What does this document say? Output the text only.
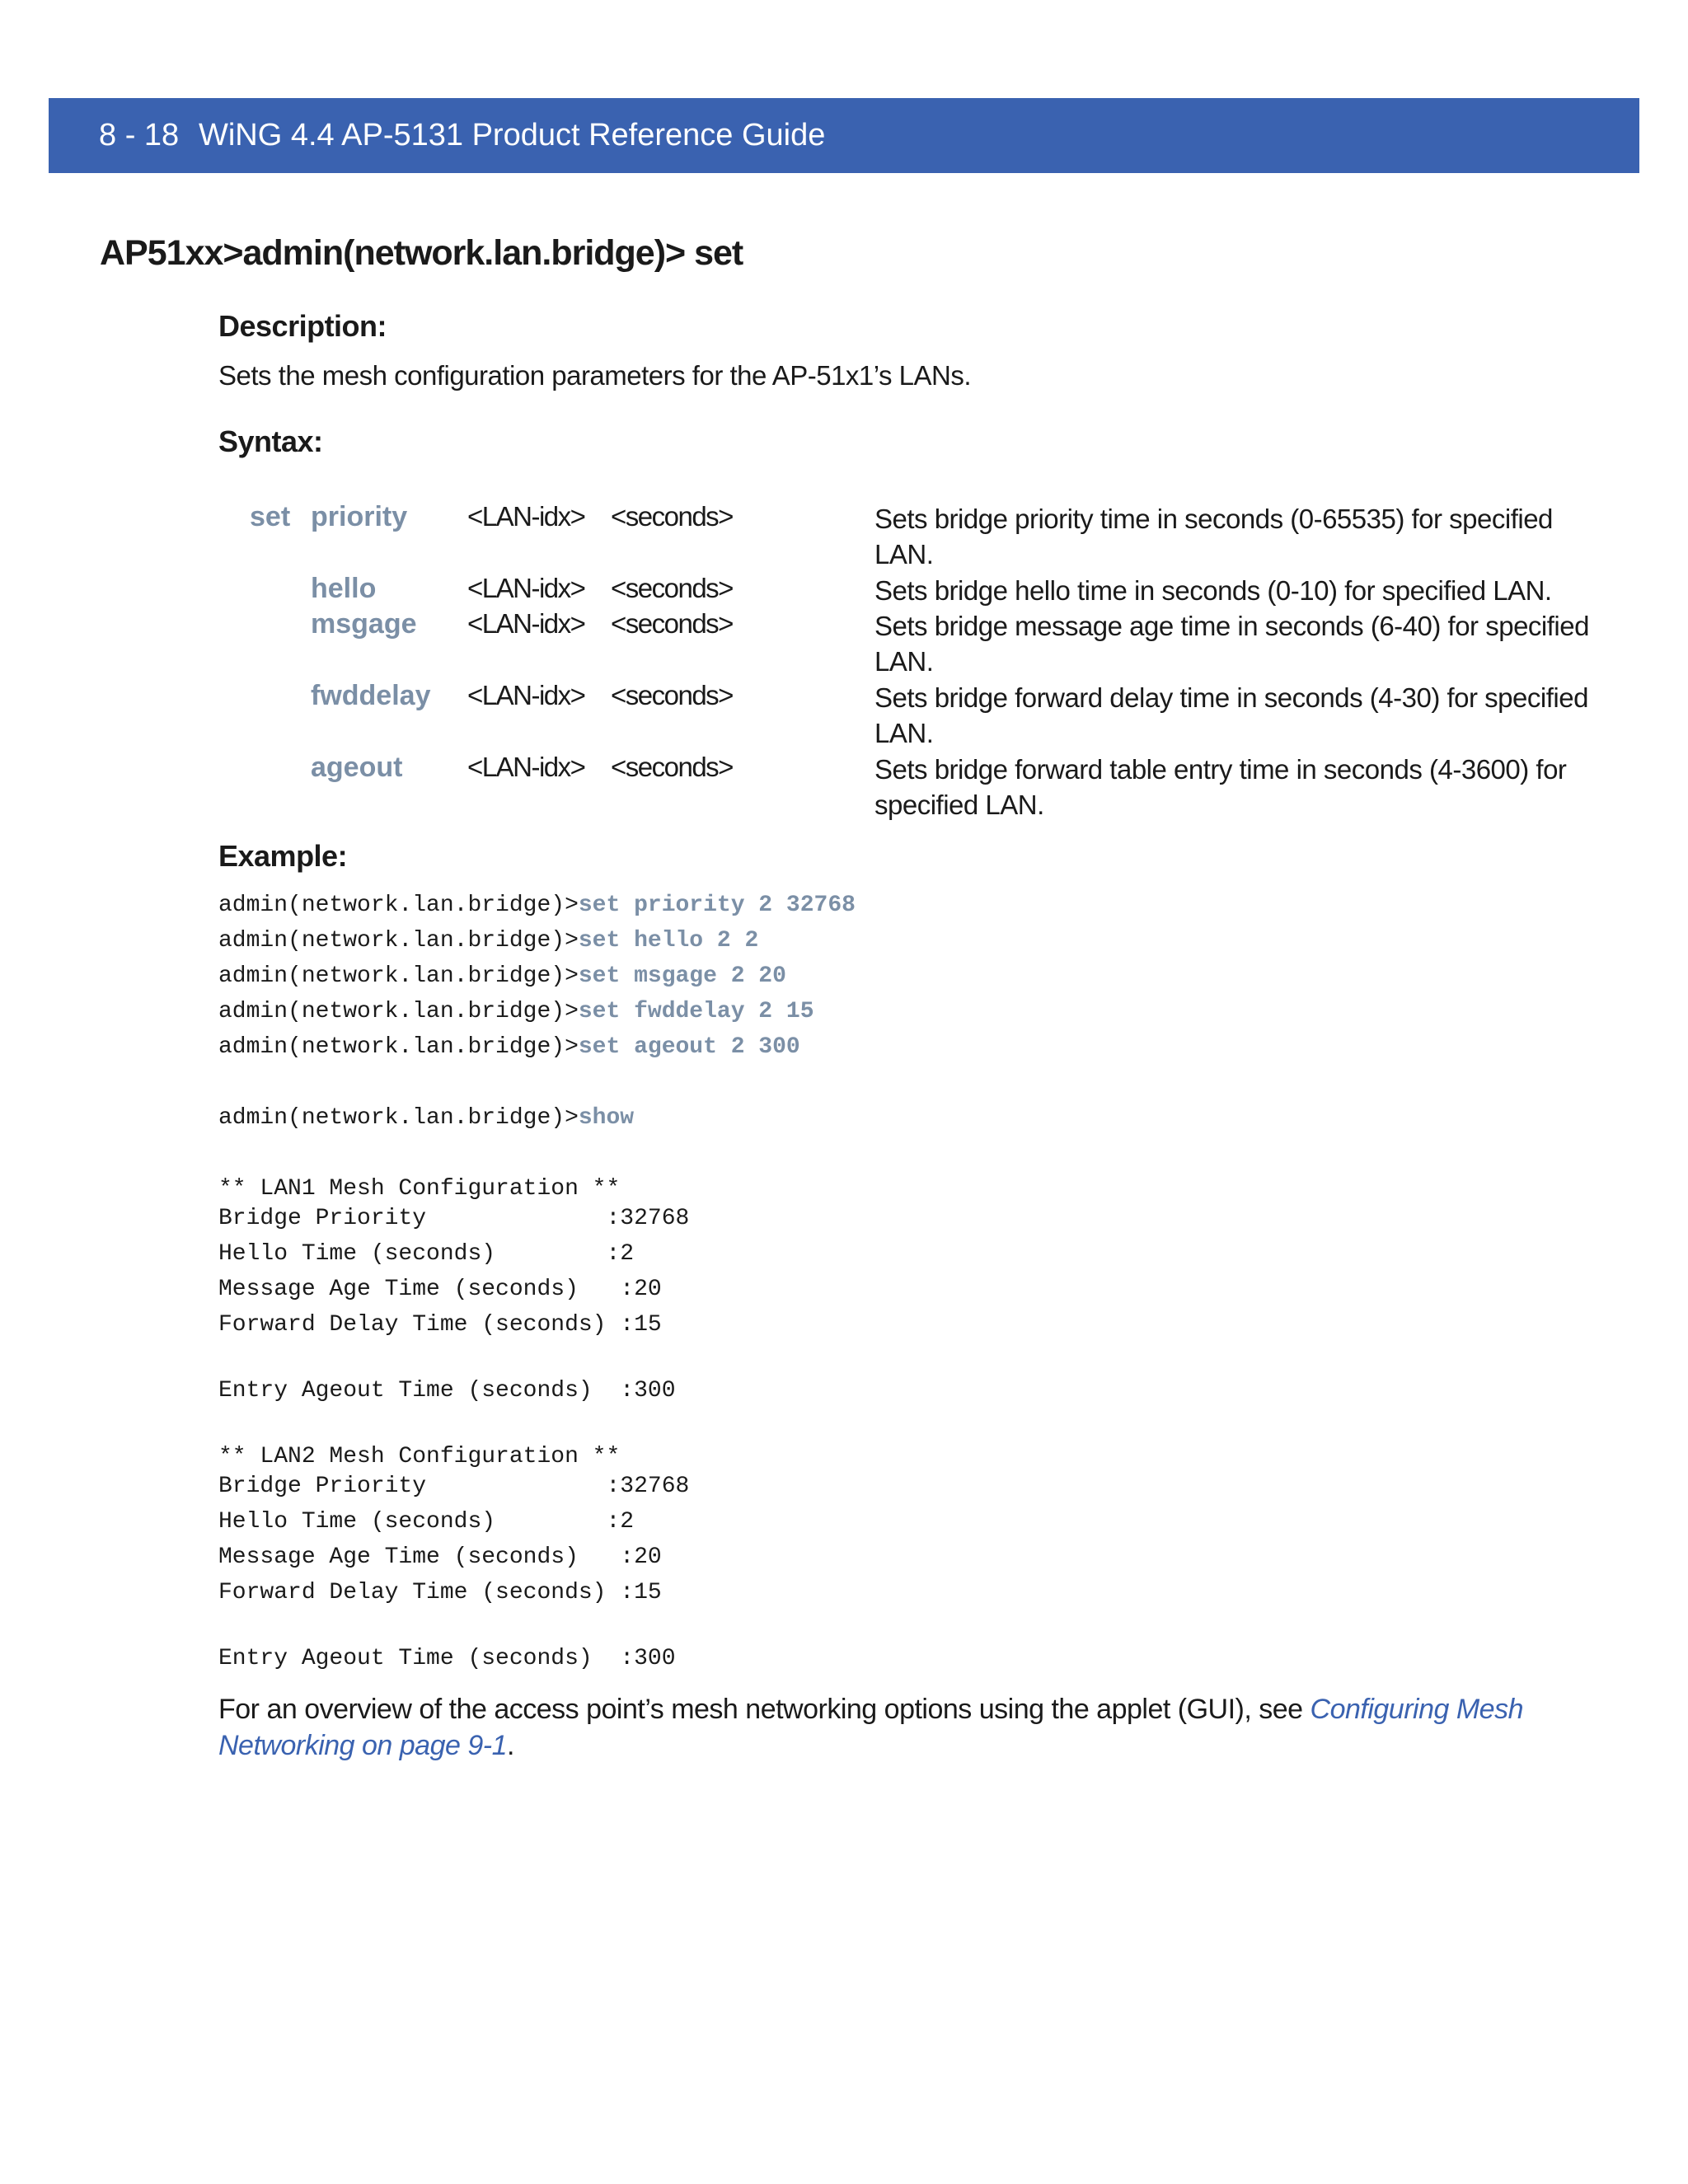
8 - 18 WiNG 4.4 AP-5131 Product Reference Guide
AP51xx>admin(network.lan.bridge)> set
Description:
Sets the mesh configuration parameters for the AP-51x1’s LANs.
Syntax:
set priority <LAN-idx> <seconds>	Sets bridge priority time in seconds (0-65535) for specified LAN.
hello	<LAN-idx> <seconds>	Sets bridge hello time in seconds (0-10) for specified LAN.
msgage <LAN-idx> <seconds>	Sets bridge message age time in seconds (6-40) for specified LAN.
fwddelay <LAN-idx> <seconds>	Sets bridge forward delay time in seconds (4-30) for specified LAN.
ageout <LAN-idx> <seconds>	Sets bridge forward table entry time in seconds (4-3600) for specified LAN.
Example:
admin(network.lan.bridge)>set priority 2 32768
admin(network.lan.bridge)>set hello 2 2
admin(network.lan.bridge)>set msgage 2 20
admin(network.lan.bridge)>set fwddelay 2 15
admin(network.lan.bridge)>set ageout 2 300
admin(network.lan.bridge)>show
** LAN1 Mesh Configuration **
Bridge Priority             :32768
Hello Time (seconds)        :2
Message Age Time (seconds)   :20
Forward Delay Time (seconds) :15
Entry Ageout Time (seconds)  :300
** LAN2 Mesh Configuration **
Bridge Priority             :32768
Hello Time (seconds)        :2
Message Age Time (seconds)   :20
Forward Delay Time (seconds) :15
Entry Ageout Time (seconds)  :300
For an overview of the access point’s mesh networking options using the applet (GUI), see Configuring Mesh Networking on page 9-1.
